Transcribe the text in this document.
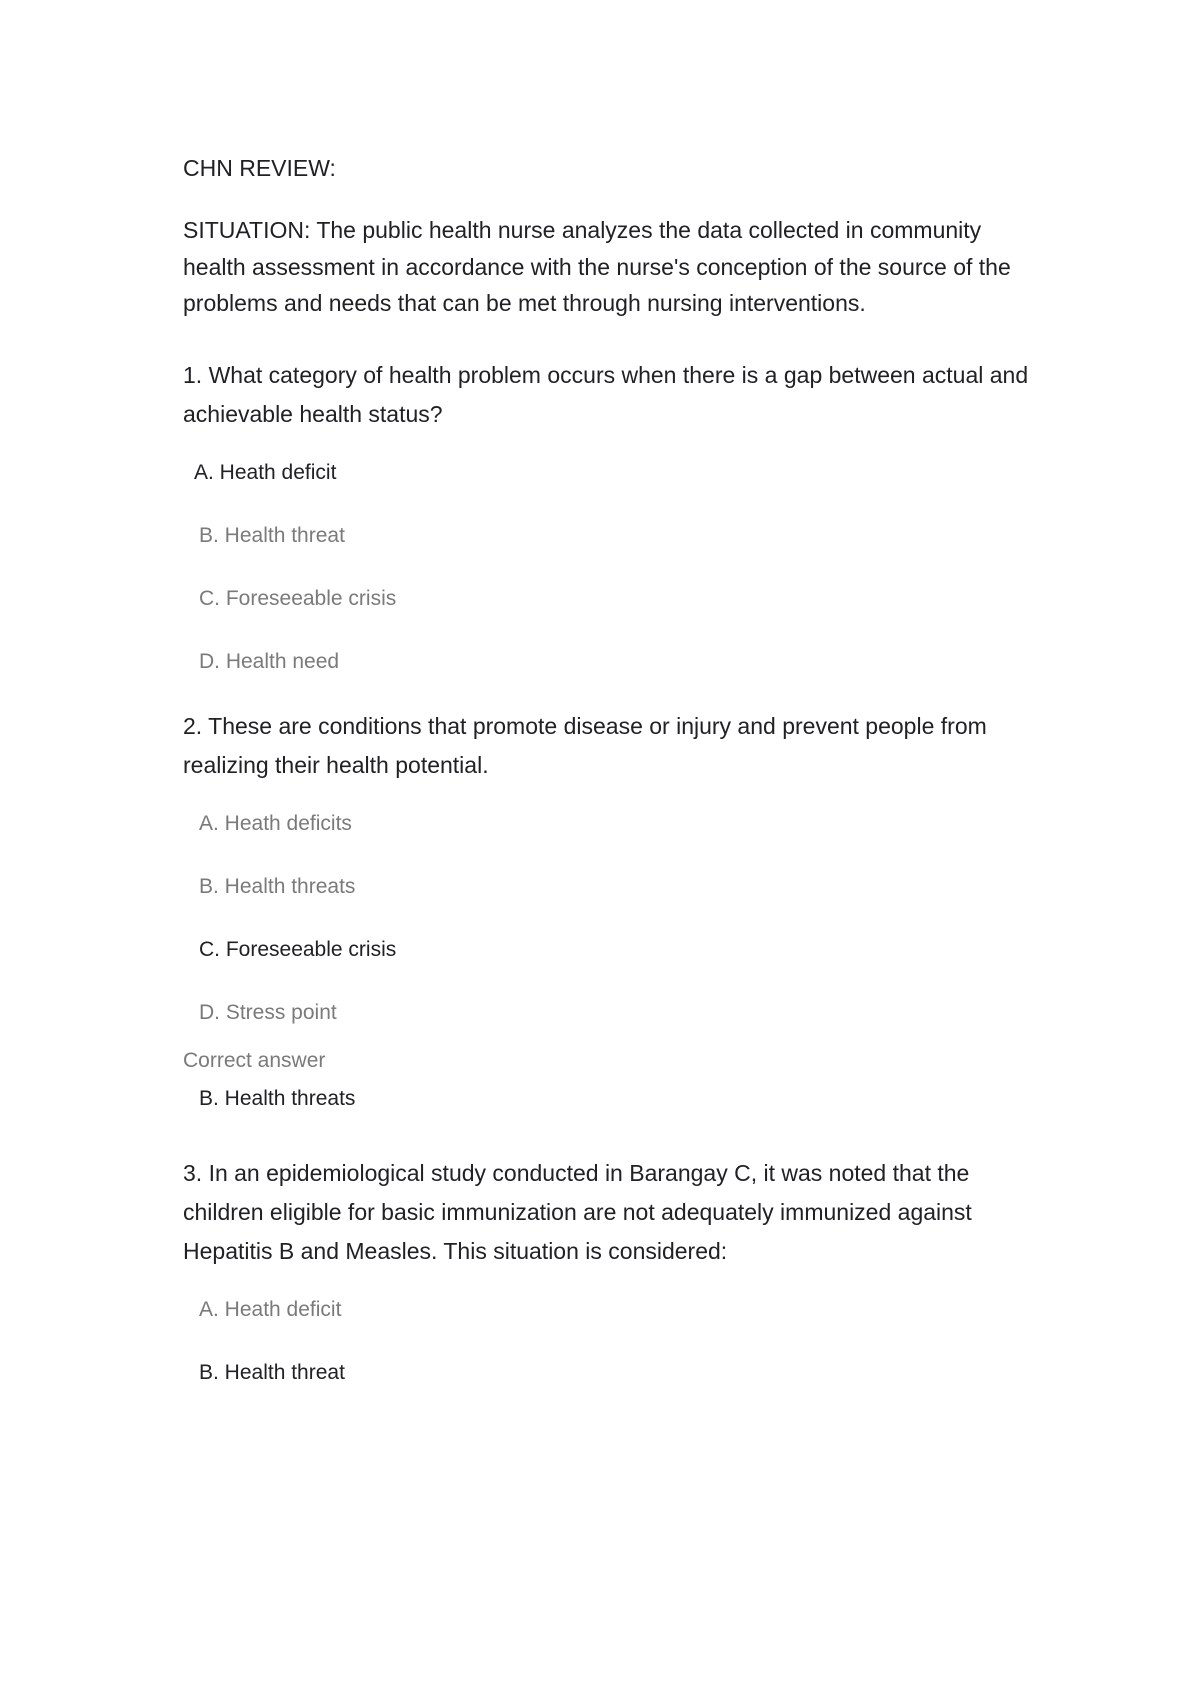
CHN REVIEW:
SITUATION: The public health nurse analyzes the data collected in community health assessment in accordance with the nurse's conception of the source of the problems and needs that can be met through nursing interventions.
1. What category of health problem occurs when there is a gap between actual and achievable health status?
A. Heath deficit
B. Health threat
C. Foreseeable crisis
D. Health need
2. These are conditions that promote disease or injury and prevent people from realizing their health potential.
A. Heath deficits
B. Health threats
C. Foreseeable crisis
D. Stress point
Correct answer
B. Health threats
3. In an epidemiological study conducted in Barangay C, it was noted that the children eligible for basic immunization are not adequately immunized against Hepatitis B and Measles. This situation is considered:
A. Heath deficit
B. Health threat
